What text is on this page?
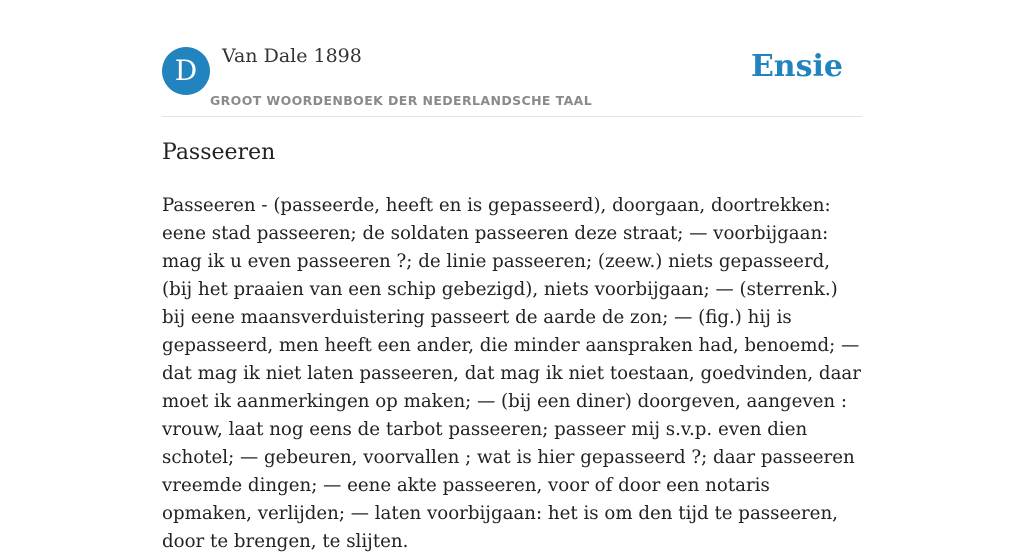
D	Van Dale 1898
GROOT WOORDENBOEK DER NEDERLANDSCHE TAAL
Ensie
Passeeren

Passeeren - (passeerde, heeft en is gepasseerd), doorgaan, doortrekken: eene stad passeeren; de soldaten passeeren deze straat; — voorbijgaan: mag ik u even passeeren ?; de linie passeeren; (zeew.) niets gepasseerd, (bij het praaien van een schip gebezigd), niets voorbijgaan; — (sterrenk.) bij eene maansverduistering passeert de aarde de zon; — (fig.) hij is gepasseerd, men heeft een ander, die minder aanspraken had, benoemd; — dat mag ik niet laten passeeren, dat mag ik niet toestaan, goedvinden, daar moet ik aanmerkingen op maken; — (bij een diner) doorgeven, aangeven : vrouw, laat nog eens de tarbot passeeren; passeer mij s.v.p. even dien schotel; — gebeuren, voorvallen ; wat is hier gepasseerd ?; daar passeeren vreemde dingen; — eene akte passeeren, voor of door een notaris opmaken, verlijden; — laten voorbijgaan: het is om den tijd te passeeren, door te brengen, te slijten.
